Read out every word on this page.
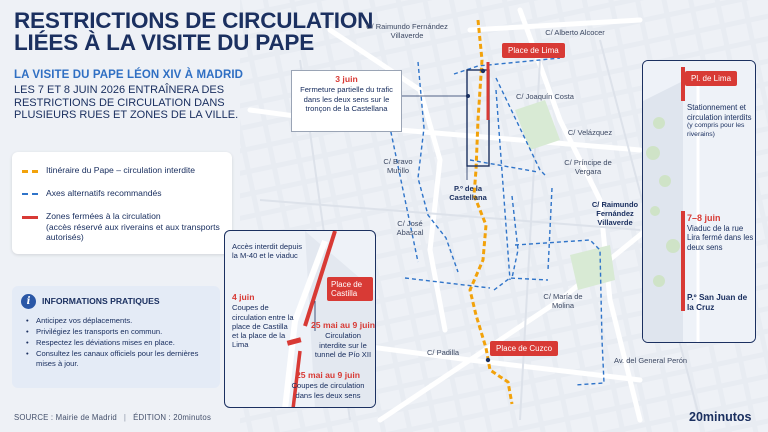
RESTRICTIONS DE CIRCULATION
LIÉES À LA VISITE DU PAPE
LA VISITE DU PAPE LÉON XIV À MADRID
LES 7 ET 8 JUIN 2026 ENTRAÎNERA DES RESTRICTIONS DE CIRCULATION DANS PLUSIEURS RUES ET ZONES DE LA VILLE.
Itinéraire du Pape – circulation interdite
Axes alternatifs recommandés
Zones fermées à la circulation
(accès réservé aux riverains et aux transports autorisés)
i	INFORMATIONS PRATIQUES
• Anticipez vos déplacements.
• Privilégiez les transports en commun.
• Respectez les déviations mises en place.
• Consultez les canaux officiels pour les dernières mises à jour.
C/ Raimundo Fernández Villaverde	C/ Alberto Alcocer
C/ Joaquín Costa
C/ Velázquez
C/ Príncipe de Vergara
C/ Bravo Murillo
P.º de la Castellana
C/ Raimundo Fernández Villaverde
C/ José Abascal
C/ María de Molina
C/ Padilla
Av. del General Perón
Place de Lima
Place de Cuzco
3 juin
Fermeture partielle du trafic dans les deux sens sur le tronçon de la Castellana
Accès interdit depuis la M-40 et le viaduc
Place de Castilla
4 juin
Coupes de circulation entre la place de Castilla et la place de la Lima
25 mai au 9 juin
Circulation interdite sur le tunnel de Pío XII
25 mai au 9 juin
Coupes de circulation dans les deux sens
Pl. de Lima
Stationnement et circulation interdits
(y compris pour les riverains)
7–8 juin
Viaduc de la rue Lira fermé dans les deux sens
P.º San Juan de la Cruz
SOURCE : Mairie de Madrid | ÉDITION : 20minutos	20minutos
